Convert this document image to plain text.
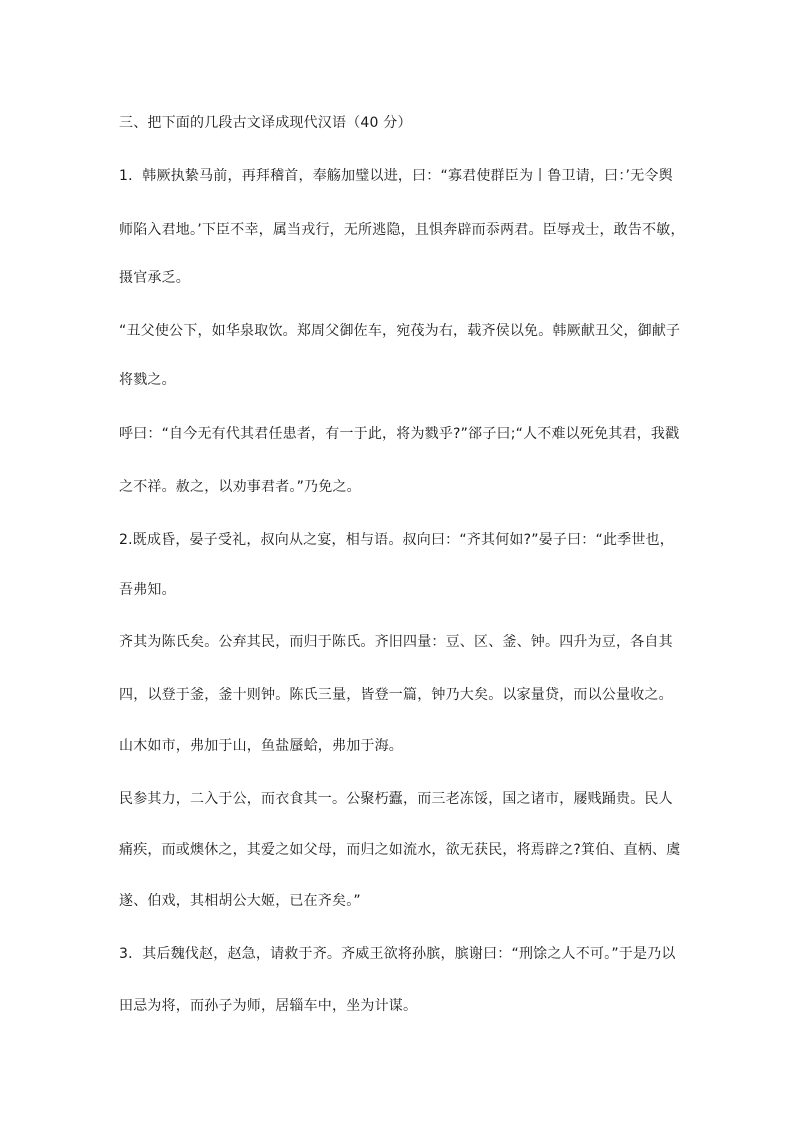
三、把下面的几段古文译成现代汉语（40 分）
1．韩厥执絷马前，再拜稽首，奉觞加璧以进，曰：“寡君使群臣为丨鲁卫请，曰：’无令舆
师陷入君地。’下臣不幸，属当戎行，无所逃隐，且惧奔辟而忝两君。臣辱戎士，敢告不敏，
摄官承乏。
“丑父使公下，如华泉取饮。郑周父御佐车，宛茷为右，载齐侯以免。韩厥献丑父，御献子
将戮之。
呼曰：“自今无有代其君任患者，有一于此，将为戮乎?”郤子曰;“人不难以死免其君，我戳
之不祥。赦之，以劝事君者。”乃免之。
2.既成昏，晏子受礼，叔向从之宴，相与语。叔向曰：“齐其何如?”晏子曰：“此季世也，
吾弗知。
齐其为陈氏矣。公弃其民，而归于陈氏。齐旧四量：豆、区、釜、钟。四升为豆，各自其
四，以登于釜，釜十则钟。陈氏三量，皆登一篇，钟乃大矣。以家量贷，而以公量收之。
山木如市，弗加于山，鱼盐蜃蛤，弗加于海。
民参其力，二入于公，而衣食其一。公聚朽蠹，而三老冻馁，国之诸市，屦贱踊贵。民人
痛疾，而或燠休之，其爱之如父母，而归之如流水，欲无获民，将焉辟之?箕伯、直柄、虞
遂、伯戏，其相胡公大姬，已在齐矣。”
3．其后魏伐赵，赵急，请救于齐。齐威王欲将孙膑，膑谢曰：“刑馀之人不可。”于是乃以
田忌为将，而孙子为师，居辎车中，坐为计谋。
